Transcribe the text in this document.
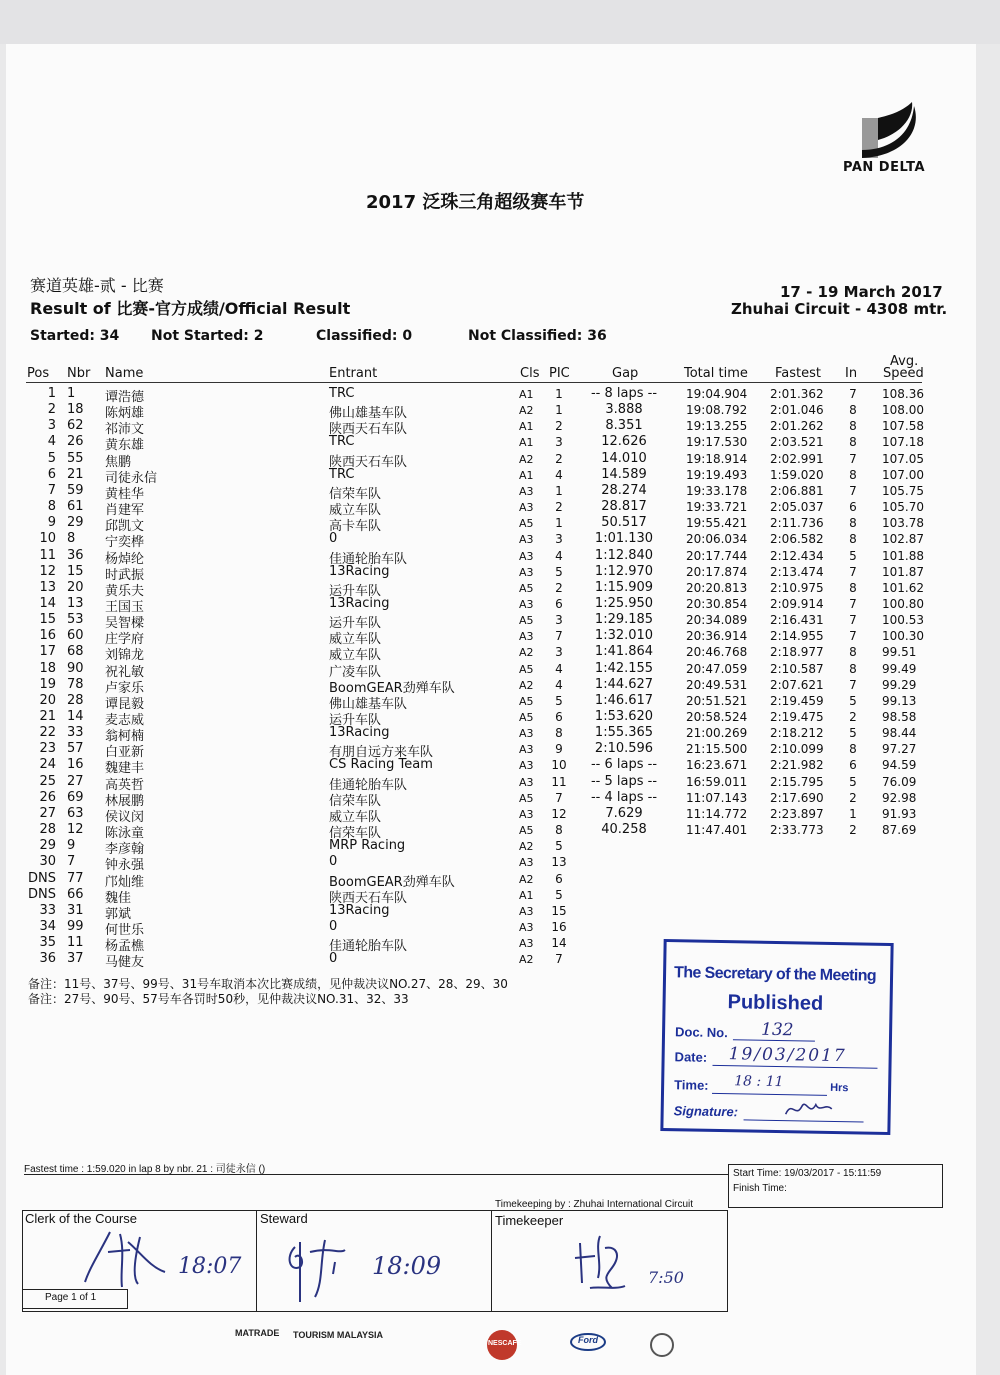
PAN DELTA
2017 泛珠三角超级赛车节
赛道英雄-贰 - 比赛
Result of 比赛-官方成绩/Official Result
17 - 19 March 2017
Zhuhai Circuit - 4308 mtr.
Started: 34 Not Started: 2	Classified: 0	Not Classified: 36
Pos Nbr Name	Entrant	Cls PIC	Gap	Total time Fastest In
Avg.
Speed
1 1 谭浩德	TRC	A1	1	-- 8 laps --	19:04.904 2:01.362 7 108.36
2 18 陈炳雄	佛山雄基车队	A2	1	3.888	19:08.792 2:01.046 8 108.00
3 62 祁沛文	陕西天石车队	A1	2	8.351	19:13.255 2:01.262 8 107.58
4 26 黄东雄	TRC	A1	3	12.626	19:17.530 2:03.521 8 107.18
5 55 焦鹏	陕西天石车队	A2	2	14.010	19:18.914 2:02.991 7 107.05
6 21 司徒永信	TRC	A1	4	14.589	19:19.493 1:59.020 8 107.00
7 59 黄桂华	信荣车队	A3	1	28.274	19:33.178 2:06.881 7 105.75
8 61 肖建军	威立车队	A3	2	28.817	19:33.721 2:05.037 6 105.70
9 29 邱凯文	高卡车队	A5	1	50.517	19:55.421 2:11.736 8 103.78
10 8 宁奕桦	0	A3	3	1:01.130	20:06.034 2:06.582 8 102.87
11 36 杨焯纶	佳通轮胎车队	A3	4	1:12.840	20:17.744 2:12.434 5 101.88
12 15 时武振	13Racing	A3	5	1:12.970	20:17.874 2:13.474 7 101.87
13 20 黄乐夫	运升车队	A5	2	1:15.909	20:20.813 2:10.975 8 101.62
14 13 王国玉	13Racing	A3	6	1:25.950	20:30.854 2:09.914 7 100.80
15 53 吴智樑	运升车队	A5	3	1:29.185	20:34.089 2:16.431 7 100.53
16 60 庄学府	威立车队	A3	7	1:32.010	20:36.914 2:14.955 7 100.30
17 68 刘锦龙	威立车队	A2	3	1:41.864	20:46.768 2:18.977 8 99.51
18 90 祝礼敏	广凌车队	A5	4	1:42.155	20:47.059 2:10.587 8 99.49
19 78 卢家乐	BoomGEAR劲殚车队	A2	4	1:44.627	20:49.531 2:07.621 7 99.29
20 28 谭昆毅	佛山雄基车队	A5	5	1:46.617	20:51.521 2:19.459 5 99.13
21 14 麦志威	运升车队	A5	6	1:53.620	20:58.524 2:19.475 2 98.58
22 33 翁柯楠	13Racing	A3	8	1:55.365	21:00.269 2:18.212 5 98.44
23 57 白亚新	有朋自远方来车队	A3	9	2:10.596	21:15.500 2:10.099 8 97.27
24 16 魏建丰	CS Racing Team	A3 10	-- 6 laps --	16:23.671 2:21.982 6 94.59
25 27 高英哲	佳通轮胎车队	A3 11	-- 5 laps --	16:59.011 2:15.795 5 76.09
26 69 林展鹏	信荣车队	A5	7	-- 4 laps --	11:07.143 2:17.690 2 92.98
27 63 侯议闵	威立车队	A3 12	7.629	11:14.772 2:23.897 1 91.93
28 12 陈泳童	信荣车队	A5	8	40.258	11:47.401 2:33.773 2 87.69
29 9 李彦翰	MRP Racing	A2	5
30 7 钟永强	0	A3 13
DNS 77 邝灿维	BoomGEAR劲殚车队	A2	6
DNS 66 魏佳	陕西天石车队	A1	5
33 31 郭斌	13Racing	A3 15
34 99 何世乐	0	A3 16
35 11 杨孟樵	佳通轮胎车队	A3 14
36 37 马健友	0	A2	7
备注：11号、37号、99号、31号车取消本次比赛成绩，见仲裁决议NO.27、28、29、30
备注：27号、90号、57号车各罚时50秒，见仲裁决议NO.31、32、33
The Secretary of the Meeting
Published
Doc. No. 132
Date: 19/03/2017
Time: 18 : 11	Hrs
Signature:
Fastest time : 1:59.020 in lap 8 by nbr. 21 : 司徒永信 ()	Start Time: 19/03/2017 - 15:11:59
Finish Time:
Timekeeping by : Zhuhai International Circuit
Clerk of the Course	Steward	Timekeeper
18:07	18:09	7:50
Page 1 of 1
MATRADE TOURISM MALAYSIA
NESCAFE	Ford
